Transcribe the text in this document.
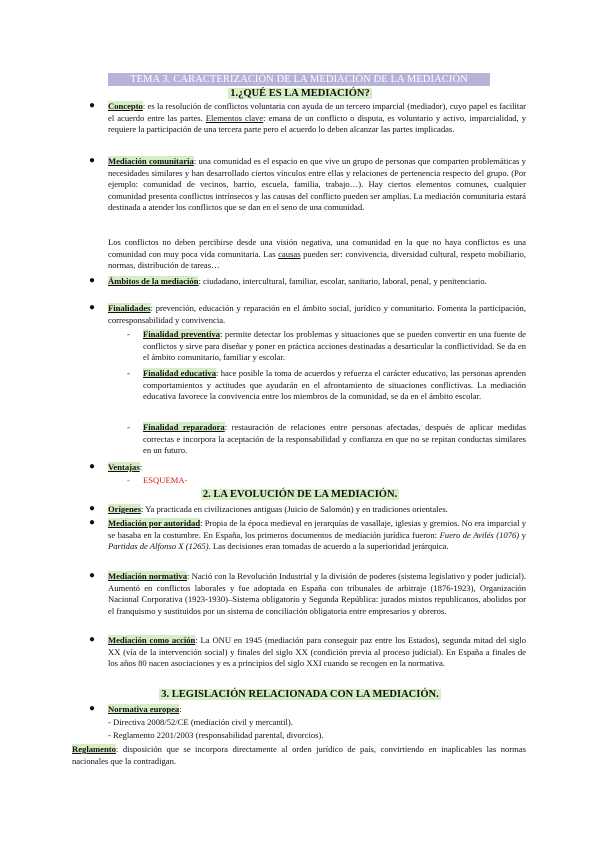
TEMA 3. CARACTERIZACIÓN DE LA MEDIACIÓN DE LA MEDIACIÓN
1.¿QUÉ ES LA MEDIACIÓN?
● Concepto: es la resolución de conflictos voluntaria con ayuda de un tercero imparcial (mediador), cuyo papel es facilitar el acuerdo entre las partes. Elementos clave: emana de un conflicto o disputa, es voluntario y activo, imparcialidad, y requiere la participación de una tercera parte pero el acuerdo lo deben alcanzar las partes implicadas.
● Mediación comunitaria: una comunidad es el espacio en que vive un grupo de personas que comparten problemáticas y necesidades similares y han desarrollado ciertos vínculos entre ellas y relaciones de pertenencia respecto del grupo. (Por ejemplo: comunidad de vecinos, barrio, escuela, familia, trabajo…). Hay ciertos elementos comunes, cualquier comunidad presenta conflictos intrínsecos y las causas del conflicto pueden ser amplias. La mediación comunitaria estará destinada a atender los conflictos que se dan en el seno de una comunidad.
Los conflictos no deben percibirse desde una visión negativa, una comunidad en la que no haya conflictos es una comunidad con muy poca vida comunitaria. Las causas pueden ser: convivencia, diversidad cultural, respeto mobiliario, normas, distribución de tareas…
● Ámbitos de la mediación: ciudadano, intercultural, familiar, escolar, sanitario, laboral, penal, y penitenciario.
● Finalidades: prevención, educación y reparación en el ámbito social, jurídico y comunitario. Fomenta la participación, corresponsabilidad y convivencia.
- Finalidad preventiva: permite detectar los problemas y situaciones que se pueden convertir en una fuente de conflictos y sirve para diseñar y poner en práctica acciones destinadas a desarticular la conflictividad. Se da en el ámbito comunitario, familiar y escolar.
- Finalidad educativa: hace posible la toma de acuerdos y refuerza el carácter educativo, las personas aprenden comportamientos y actitudes que ayudarán en el afrontamiento de situaciones conflictivas. La mediación educativa favorece la convivencia entre los miembros de la comunidad, se da en el ámbito escolar.
- Finalidad reparadora: restauración de relaciones entre personas afectadas, después de aplicar medidas correctas e incorpora la aceptación de la responsabilidad y confianza en que no se repitan conductas similares en un futuro.
● Ventajas:
- ESQUEMA-
2. LA EVOLUCIÓN DE LA MEDIACIÓN.
● Orígenes: Ya practicada en civilizaciones antiguas (Juicio de Salomón) y en tradiciones orientales.
● Mediación por autoridad: Propia de la época medieval en jerarquías de vasallaje, iglesias y gremios. No era imparcial y se basaba en la costumbre. En España, los primeros documentos de mediación jurídica fueron: Fuero de Avilés (1076) y Partidas de Alfonso X (1265). Las decisiones eran tomadas de acuerdo a la superioridad jerárquica.
● Mediación normativa: Nació con la Revolución Industrial y la división de poderes (sistema legislativo y poder judicial). Aumentó en conflictos laborales y fue adoptada en España con tribunales de arbitraje (1876-1923), Organización Nacional Corporativa (1923-1930)–Sistema obligatorio y Segunda República: jurados mixtos republicanos, abolidos por el franquismo y sustituidos por un sistema de conciliación obligatoria entre empresarios y obreros.
● Mediación como acción: La ONU en 1945 (mediación para conseguir paz entre los Estados), segunda mitad del siglo XX (vía de la intervención social) y finales del siglo XX (condición previa al proceso judicial). En España a finales de los años 80 nacen asociaciones y es a principios del siglo XXI cuando se recogen en la normativa.
3. LEGISLACIÓN RELACIONADA CON LA MEDIACIÓN.
● Normativa europea:
- Directiva 2008/52/CE (mediación civil y mercantil).
- Reglamento 2201/2003 (responsabilidad parental, divorcios).
Reglamento: disposición que se incorpora directamente al orden jurídico de país, convirtiendo en inaplicables las normas nacionales que la contradigan.
